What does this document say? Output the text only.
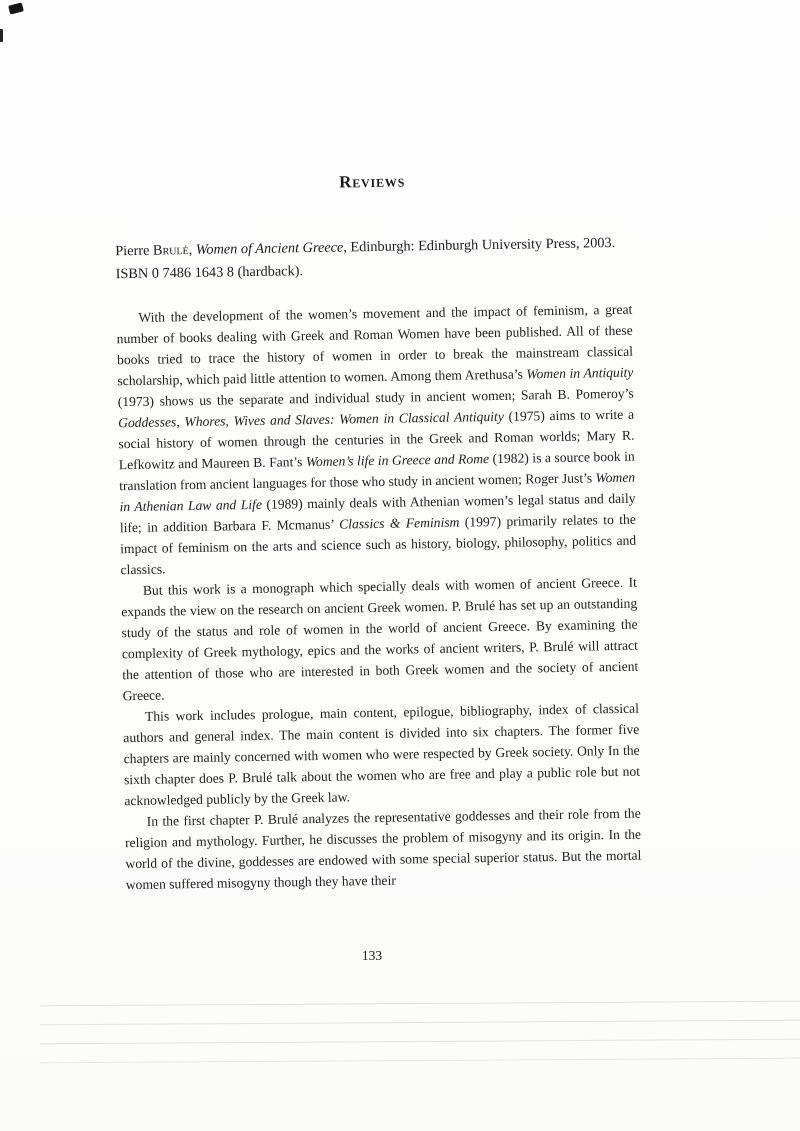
Reviews

Pierre Brulé, Women of Ancient Greece, Edinburgh: Edinburgh University Press, 2003. ISBN 0 7486 1643 8 (hardback).

With the development of the women’s movement and the impact of feminism, a great number of books dealing with Greek and Roman Women have been published. All of these books tried to trace the history of women in order to break the mainstream classical scholarship, which paid little attention to women. Among them Arethusa’s Women in Antiquity (1973) shows us the separate and individual study in ancient women; Sarah B. Pomeroy’s Goddesses, Whores, Wives and Slaves: Women in Classical Antiquity (1975) aims to write a social history of women through the centuries in the Greek and Roman worlds; Mary R. Lefkowitz and Maureen B. Fant’s Women’s life in Greece and Rome (1982) is a source book in translation from ancient languages for those who study in ancient women; Roger Just’s Women in Athenian Law and Life (1989) mainly deals with Athenian women’s legal status and daily life; in addition Barbara F. Mcmanus’ Classics & Feminism (1997) primarily relates to the impact of feminism on the arts and science such as history, biology, philosophy, politics and classics.

But this work is a monograph which specially deals with women of ancient Greece. It expands the view on the research on ancient Greek women. P. Brulé has set up an outstanding study of the status and role of women in the world of ancient Greece. By examining the complexity of Greek mythology, epics and the works of ancient writers, P. Brulé will attract the attention of those who are interested in both Greek women and the society of ancient Greece.

This work includes prologue, main content, epilogue, bibliography, index of classical authors and general index. The main content is divided into six chapters. The former five chapters are mainly concerned with women who were respected by Greek society. Only In the sixth chapter does P. Brulé talk about the women who are free and play a public role but not acknowledged publicly by the Greek law.

In the first chapter P. Brulé analyzes the representative goddesses and their role from the religion and mythology. Further, he discusses the problem of misogyny and its origin. In the world of the divine, goddesses are endowed with some special superior status. But the mortal women suffered misogyny though they have their

133
